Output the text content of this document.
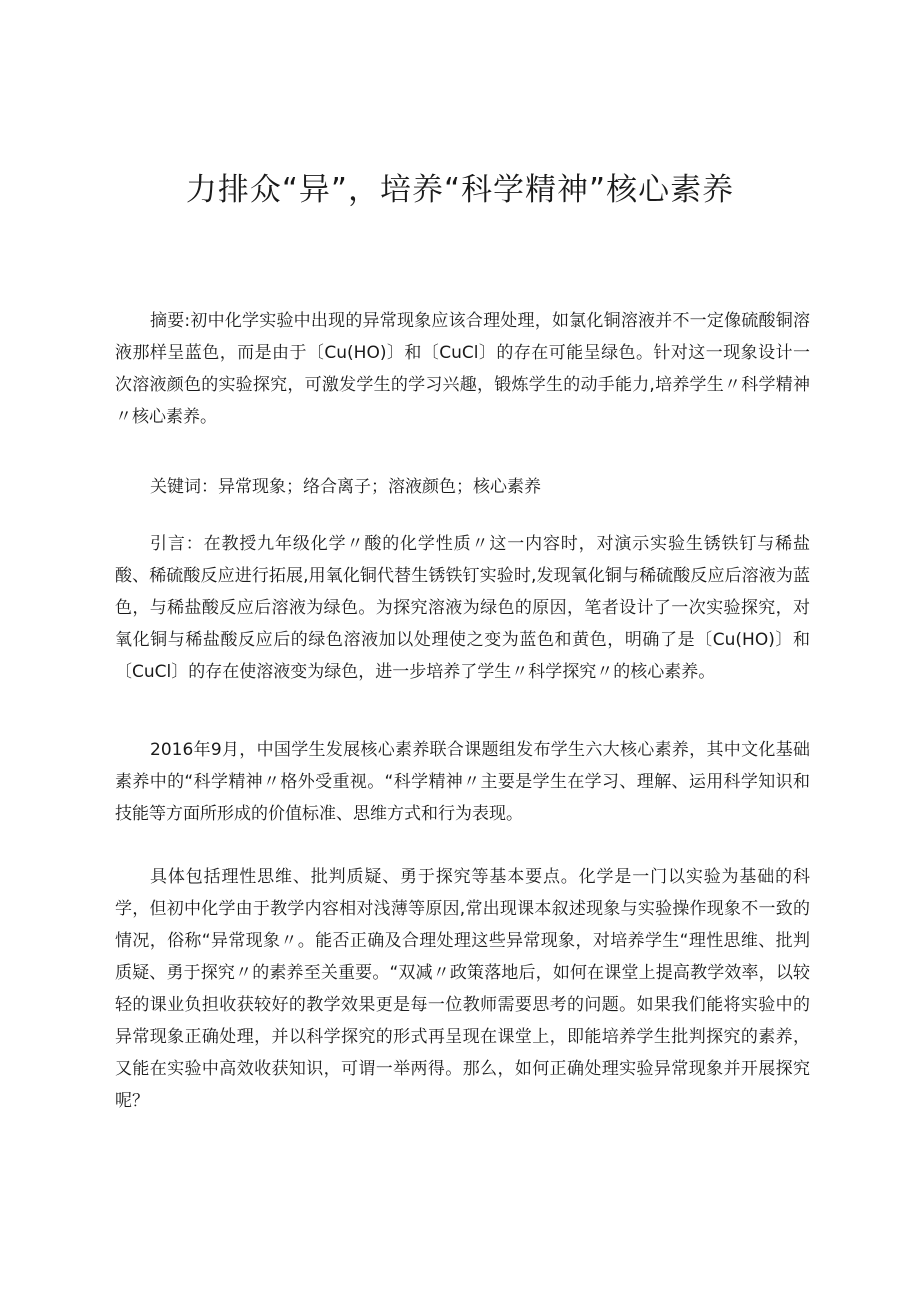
力排众“异”，培养“科学精神”核心素养

摘要:初中化学实验中出现的异常现象应该合理处理，如氯化铜溶液并不一定像硫酸铜溶液那样呈蓝色，而是由于〔Cu(HO)〕和〔CuCl〕的存在可能呈绿色。针对这一现象设计一次溶液颜色的实验探究，可激发学生的学习兴趣，锻炼学生的动手能力,培养学生〃科学精神〃核心素养。

关键词：异常现象；络合离子；溶液颜色；核心素养

引言：在教授九年级化学〃酸的化学性质〃这一内容时，对演示实验生锈铁钉与稀盐酸、稀硫酸反应进行拓展,用氧化铜代替生锈铁钉实验时,发现氧化铜与稀硫酸反应后溶液为蓝色，与稀盐酸反应后溶液为绿色。为探究溶液为绿色的原因，笔者设计了一次实验探究，对氧化铜与稀盐酸反应后的绿色溶液加以处理使之变为蓝色和黄色，明确了是〔Cu(HO)〕和〔CuCl〕的存在使溶液变为绿色，进一步培养了学生〃科学探究〃的核心素养。

2016年9月，中国学生发展核心素养联合课题组发布学生六大核心素养，其中文化基础素养中的“科学精神〃格外受重视。“科学精神〃主要是学生在学习、理解、运用科学知识和技能等方面所形成的价值标准、思维方式和行为表现。

具体包括理性思维、批判质疑、勇于探究等基本要点。化学是一门以实验为基础的科学，但初中化学由于教学内容相对浅薄等原因,常出现课本叙述现象与实验操作现象不一致的情况，俗称“异常现象〃。能否正确及合理处理这些异常现象，对培养学生“理性思维、批判质疑、勇于探究〃的素养至关重要。“双减〃政策落地后，如何在课堂上提高教学效率，以较轻的课业负担收获较好的教学效果更是每一位教师需要思考的问题。如果我们能将实验中的异常现象正确处理，并以科学探究的形式再呈现在课堂上，即能培养学生批判探究的素养，又能在实验中高效收获知识，可谓一举两得。那么，如何正确处理实验异常现象并开展探究呢？
